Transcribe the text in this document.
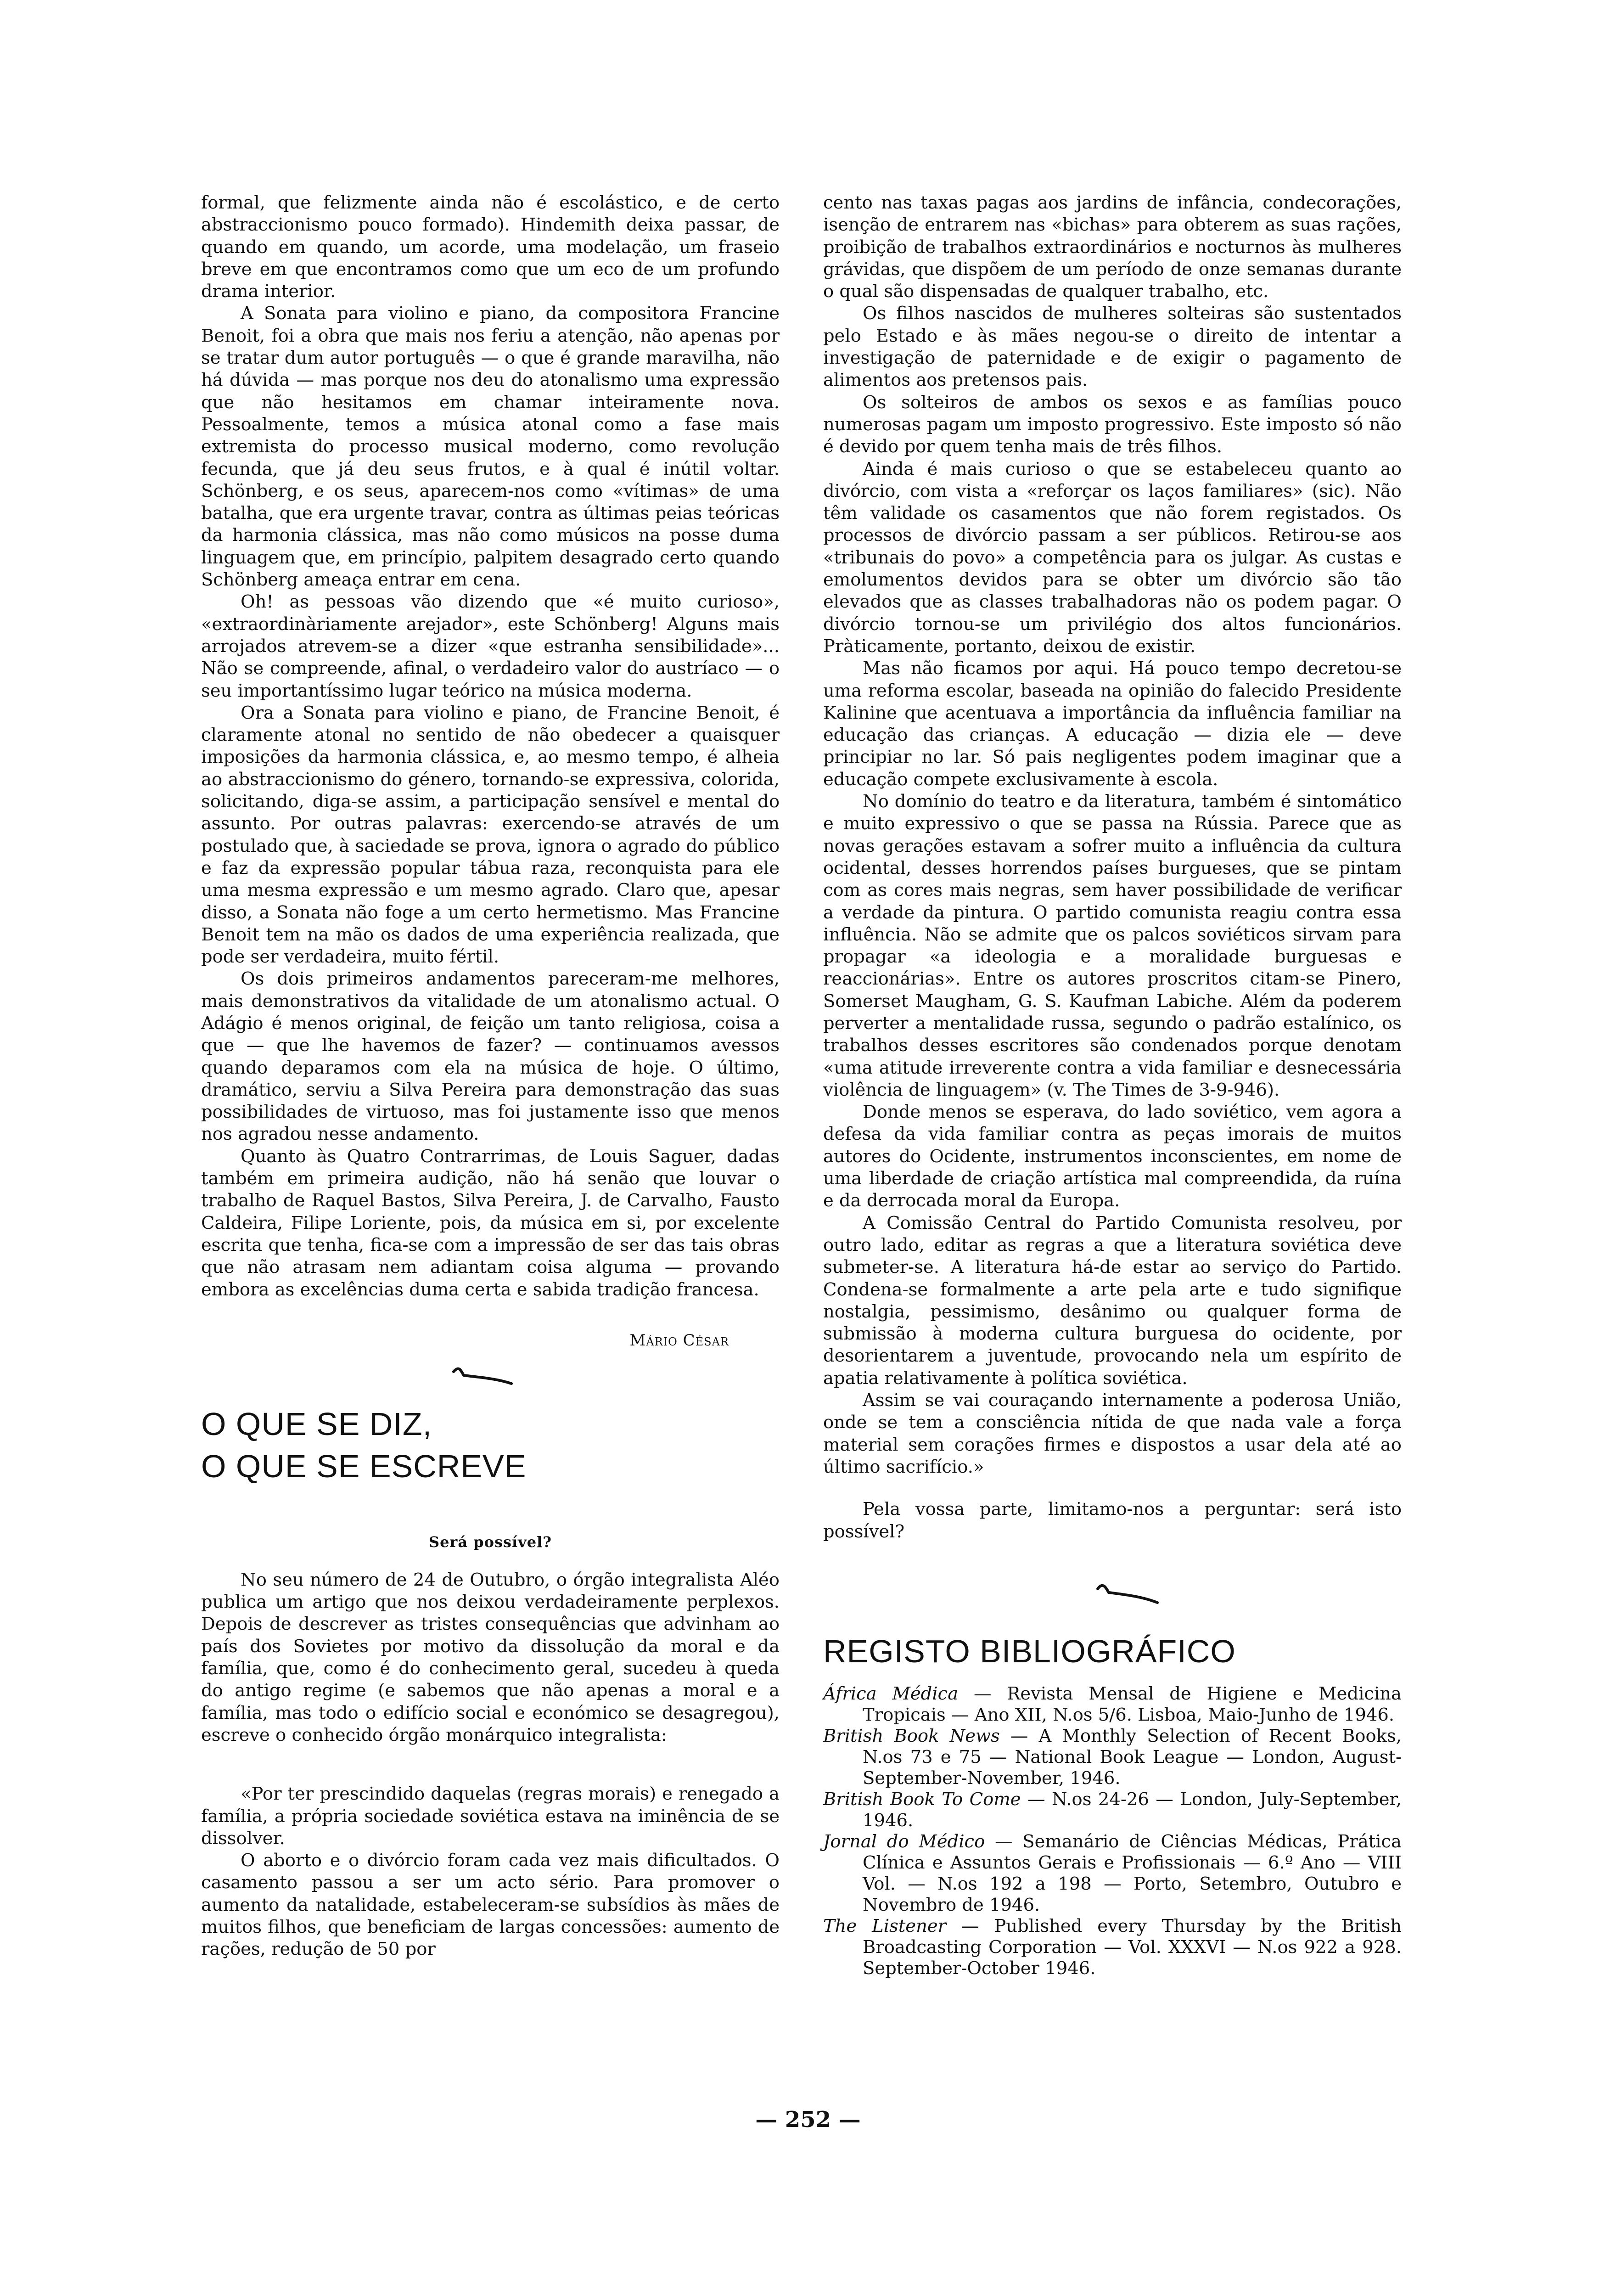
formal, que felizmente ainda não é escolástico, e de certo abstraccionismo pouco formado). Hindemith deixa passar, de quando em quando, um acorde, uma modelação, um fraseio breve em que encontramos como que um eco de um profundo drama interior.

A Sonata para violino e piano, da compositora Francine Benoit, foi a obra que mais nos feriu a atenção, não apenas por se tratar dum autor português — o que é grande maravilha, não há dúvida — mas porque nos deu do atonalismo uma expressão que não hesitamos em chamar inteiramente nova. Pessoalmente, temos a música atonal como a fase mais extremista do processo musical moderno, como revolução fecunda, que já deu seus frutos, e à qual é inútil voltar. Schönberg, e os seus, aparecem-nos como «vítimas» de uma batalha, que era urgente travar, contra as últimas peias teóricas da harmonia clássica, mas não como músicos na posse duma linguagem que, em princípio, palpitem desagrado certo quando Schönberg ameaça entrar em cena.

Oh! as pessoas vão dizendo que «é muito curioso», «extraordinàriamente arejador», este Schönberg! Alguns mais arrojados atrevem-se a dizer «que estranha sensibilidade»... Não se compreende, afinal, o verdadeiro valor do austríaco — o seu importantíssimo lugar teórico na música moderna.

Ora a Sonata para violino e piano, de Francine Benoit, é claramente atonal no sentido de não obedecer a quaisquer imposições da harmonia clássica, e, ao mesmo tempo, é alheia ao abstraccionismo do género, tornando-se expressiva, colorida, solicitando, diga-se assim, a participação sensível e mental do assunto. Por outras palavras: exercendo-se através de um postulado que, à saciedade se prova, ignora o agrado do público e faz da expressão popular tábua raza, reconquista para ele uma mesma expressão e um mesmo agrado. Claro que, apesar disso, a Sonata não foge a um certo hermetismo. Mas Francine Benoit tem na mão os dados de uma experiência realizada, que pode ser verdadeira, muito fértil.

Os dois primeiros andamentos pareceram-me melhores, mais demonstrativos da vitalidade de um atonalismo actual. O Adágio é menos original, de feição um tanto religiosa, coisa a que — que lhe havemos de fazer? — continuamos avessos quando deparamos com ela na música de hoje. O último, dramático, serviu a Silva Pereira para demonstração das suas possibilidades de virtuoso, mas foi justamente isso que menos nos agradou nesse andamento.

Quanto às Quatro Contrarrimas, de Louis Saguer, dadas também em primeira audição, não há senão que louvar o trabalho de Raquel Bastos, Silva Pereira, J. de Carvalho, Fausto Caldeira, Filipe Loriente, pois, da música em si, por excelente escrita que tenha, fica-se com a impressão de ser das tais obras que não atrasam nem adiantam coisa alguma — provando embora as excelências duma certa e sabida tradição francesa.

Mário César

O QUE SE DIZ,
O QUE SE ESCREVE

Será possível?

No seu número de 24 de Outubro, o órgão integralista Aléo publica um artigo que nos deixou verdadeiramente perplexos. Depois de descrever as tristes consequências que advinham ao país dos Sovietes por motivo da dissolução da moral e da família, que, como é do conhecimento geral, sucedeu à queda do antigo regime (e sabemos que não apenas a moral e a família, mas todo o edifício social e económico se desagregou), escreve o conhecido órgão monárquico integralista:

«Por ter prescindido daquelas (regras morais) e renegado a família, a própria sociedade soviética estava na iminência de se dissolver.

O aborto e o divórcio foram cada vez mais dificultados. O casamento passou a ser um acto sério. Para promover o aumento da natalidade, estabeleceram-se subsídios às mães de muitos filhos, que beneficiam de largas concessões: aumento de rações, redução de 50 por

cento nas taxas pagas aos jardins de infância, condecorações, isenção de entrarem nas «bichas» para obterem as suas rações, proibição de trabalhos extraordinários e nocturnos às mulheres grávidas, que dispõem de um período de onze semanas durante o qual são dispensadas de qualquer trabalho, etc.

Os filhos nascidos de mulheres solteiras são sustentados pelo Estado e às mães negou-se o direito de intentar a investigação de paternidade e de exigir o pagamento de alimentos aos pretensos pais.

Os solteiros de ambos os sexos e as famílias pouco numerosas pagam um imposto progressivo. Este imposto só não é devido por quem tenha mais de três filhos.

Ainda é mais curioso o que se estabeleceu quanto ao divórcio, com vista a «reforçar os laços familiares» (sic). Não têm validade os casamentos que não forem registados. Os processos de divórcio passam a ser públicos. Retirou-se aos «tribunais do povo» a competência para os julgar. As custas e emolumentos devidos para se obter um divórcio são tão elevados que as classes trabalhadoras não os podem pagar. O divórcio tornou-se um privilégio dos altos funcionários. Pràticamente, portanto, deixou de existir.

Mas não ficamos por aqui. Há pouco tempo decretou-se uma reforma escolar, baseada na opinião do falecido Presidente Kalinine que acentuava a importância da influência familiar na educação das crianças. A educação — dizia ele — deve principiar no lar. Só pais negligentes podem imaginar que a educação compete exclusivamente à escola.

No domínio do teatro e da literatura, também é sintomático e muito expressivo o que se passa na Rússia. Parece que as novas gerações estavam a sofrer muito a influência da cultura ocidental, desses horrendos países burgueses, que se pintam com as cores mais negras, sem haver possibilidade de verificar a verdade da pintura. O partido comunista reagiu contra essa influência. Não se admite que os palcos soviéticos sirvam para propagar «a ideologia e a moralidade burguesas e reaccionárias». Entre os autores proscritos citam-se Pinero, Somerset Maugham, G. S. Kaufman Labiche. Além da poderem perverter a mentalidade russa, segundo o padrão estalínico, os trabalhos desses escritores são condenados porque denotam «uma atitude irreverente contra a vida familiar e desnecessária violência de linguagem» (v. The Times de 3-9-946).

Donde menos se esperava, do lado soviético, vem agora a defesa da vida familiar contra as peças imorais de muitos autores do Ocidente, instrumentos inconscientes, em nome de uma liberdade de criação artística mal compreendida, da ruína e da derrocada moral da Europa.

A Comissão Central do Partido Comunista resolveu, por outro lado, editar as regras a que a literatura soviética deve submeter-se. A literatura há-de estar ao serviço do Partido. Condena-se formalmente a arte pela arte e tudo signifique nostalgia, pessimismo, desânimo ou qualquer forma de submissão à moderna cultura burguesa do ocidente, por desorientarem a juventude, provocando nela um espírito de apatia relativamente à política soviética.

Assim se vai couraçando internamente a poderosa União, onde se tem a consciência nítida de que nada vale a força material sem corações firmes e dispostos a usar dela até ao último sacrifício.»

Pela vossa parte, limitamo-nos a perguntar: será isto possível?

REGISTO BIBLIOGRÁFICO

África Médica — Revista Mensal de Higiene e Medicina Tropicais — Ano XII, N.os 5/6. Lisboa, Maio-Junho de 1946.

British Book News — A Monthly Selection of Recent Books, N.os 73 e 75 — National Book League — London, August-September-November, 1946.

British Book To Come — N.os 24-26 — London, July-September, 1946.

Jornal do Médico — Semanário de Ciências Médicas, Prática Clínica e Assuntos Gerais e Profissionais — 6.º Ano — VIII Vol. — N.os 192 a 198 — Porto, Setembro, Outubro e Novembro de 1946.

The Listener — Published every Thursday by the British Broadcasting Corporation — Vol. XXXVI — N.os 922 a 928. September-October 1946.

— 252 —
